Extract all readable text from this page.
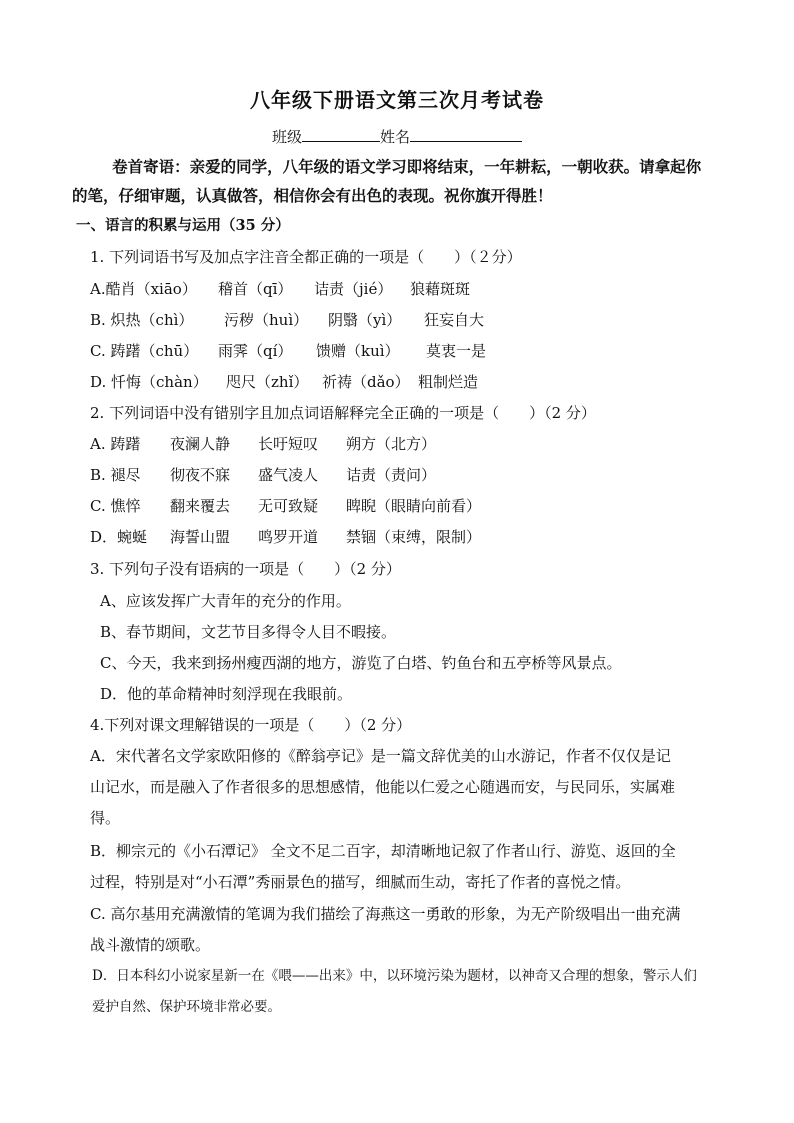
八年级下册语文第三次月考试卷
班级	姓名
卷首寄语：亲爱的同学，八年级的语文学习即将结束，一年耕耘，一朝收获。请拿起你
的笔，仔细审题，认真做答，相信你会有出色的表现。祝你旗开得胜！
一、语言的积累与运用（35 分）
1. 下列词语书写及加点字注音全都正确的一项是（　　）（２分）
A.酷肖（xiāo） 稽首（qī） 诘责（jié） 狼藉斑斑
B. 炽热（chì） 污秽（huì） 阴翳（yì） 狂妄自大
C. 踌躇（chū） 雨霁（qí） 馈赠（kuì） 莫衷一是
D. 忏悔（chàn） 咫尺（zhǐ） 祈祷（dǎo） 粗制烂造
2. 下列词语中没有错别字且加点词语解释完全正确的一项是（　　）（2 分）
A. 踌躇 夜澜人静 长吁短叹 朔方（北方）
B. 褪尽 彻夜不寐 盛气凌人 诘责（责问）
C. 憔悴 翻来覆去 无可致疑 睥睨（眼睛向前看）
D．蜿蜒 海誓山盟 鸣罗开道 禁锢（束缚，限制）
3. 下列句子没有语病的一项是（　　）（2 分）
A、应该发挥广大青年的充分的作用。
B、春节期间，文艺节目多得令人目不暇接。
C、今天，我来到扬州瘦西湖的地方，游览了白塔、钓鱼台和五亭桥等风景点。
D．他的革命精神时刻浮现在我眼前。
4.下列对课文理解错误的一项是（　　）（2 分）
A．宋代著名文学家欧阳修的《醉翁亭记》是一篇文辞优美的山水游记，作者不仅仅是记
山记水，而是融入了作者很多的思想感情，他能以仁爱之心随遇而安，与民同乐，实属难
得。
B．柳宗元的《小石潭记》 全文不足二百字，却清晰地记叙了作者山行、游览、返回的全
过程，特别是对“小石潭”秀丽景色的描写，细腻而生动，寄托了作者的喜悦之情。
C. 高尔基用充满激情的笔调为我们描绘了海燕这一勇敢的形象，为无产阶级唱出一曲充满
战斗激情的颂歌。
D．日本科幻小说家星新一在《喂——出来》中，以环境污染为题材，以神奇又合理的想象，警示人们
爱护自然、保护环境非常必要。
